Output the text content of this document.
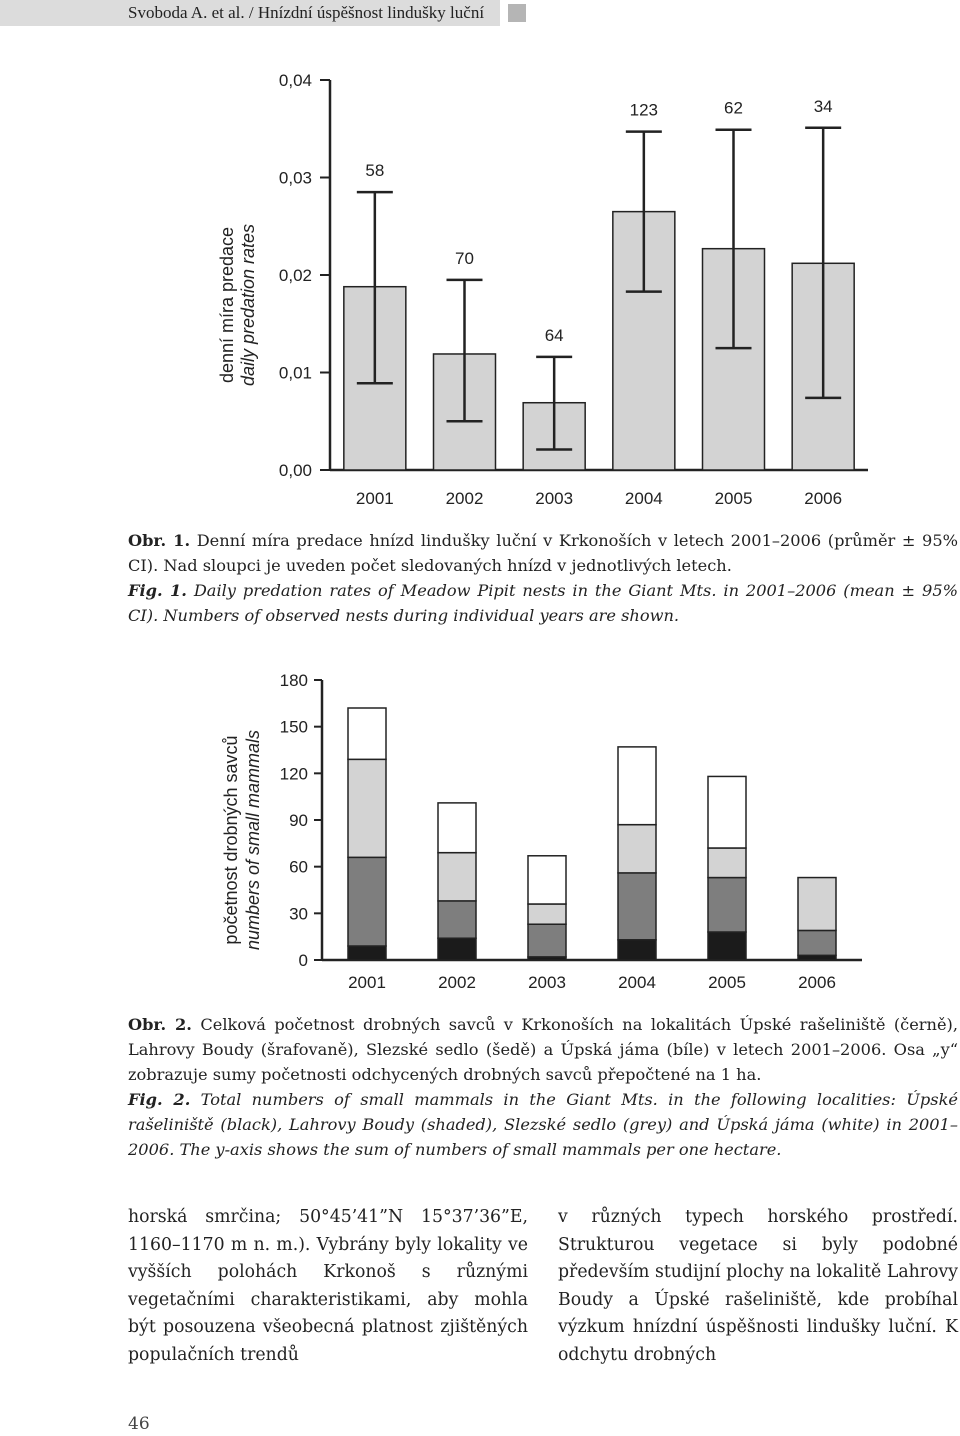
Svoboda A. et al. / Hnízdní úspěšnost lindušky luční
0,00
0,01
0,02
0,03
0,04
58
2001
70
2002
64
2003
123
2004
62
2005
34
2006
denní míra predace daily predation rates
Obr. 1. Denní míra predace hnízd lindušky luční v Krkonoších v letech 2001–2006 (průměr ± 95% CI). Nad sloupci je uveden počet sledovaných hnízd v jednotlivých letech.
Fig. 1. Daily predation rates of Meadow Pipit nests in the Giant Mts. in 2001–2006 (mean ± 95% CI). Numbers of observed nests during individual years are shown.
0
30
60
90
120
150
180
2001	2002	2003	2004	2005	2006
početnost drobných savců numbers of small mammals
Obr. 2. Celková početnost drobných savců v Krkonoších na lokalitách Úpské rašeliniště (černě), Lahrovy Boudy (šrafovaně), Slezské sedlo (šedě) a Úpská jáma (bíle) v letech 2001–2006. Osa „y“ zobrazuje sumy početnosti odchycených drobných savců přepočtené na 1 ha.
Fig. 2. Total numbers of small mammals in the Giant Mts. in the following localities: Úpské rašeliniště (black), Lahrovy Boudy (shaded), Slezské sedlo (grey) and Úpská jáma (white) in 2001–2006. The y-axis shows the sum of numbers of small mammals per one hectare.
horská smrčina; 50°45’41”N 15°37’36”E, 1160–1170 m n. m.). Vybrány byly lokality ve vyšších polohách Krkonoš s různými vegetačními charakteristikami, aby mohla být posouzena všeobecná platnost zjištěných populačních trendů
v různých typech horského prostředí. Strukturou vegetace si byly podobné především studijní plochy na lokalitě Lahrovy Boudy a Úpské rašeliniště, kde probíhal výzkum hnízdní úspěšnosti lindušky luční. K odchytu drobných
46
